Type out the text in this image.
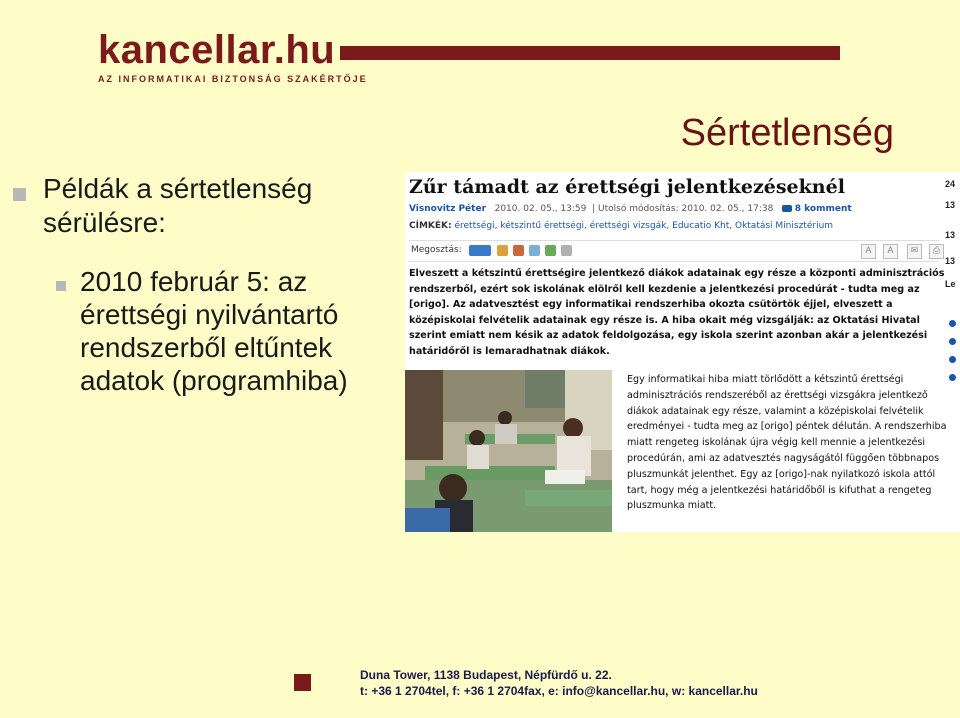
kancellar.hu
AZ INFORMATIKAI BIZTONSÁG SZAKÉRTŐJE
Sértetlenség
Példák a sértetlenség sérülésre:
2010 február 5: az érettségi nyilvántartó rendszerből eltűntek adatok (programhiba)
Zűr támadt az érettségi jelentkezéseknél
Visnovitz Péter 2010. 02. 05., 13:59  | Utolsó módosítás: 2010. 02. 05., 17:38 8 komment
CÍMKÉK: érettségi, kétszintű érettségi, érettségi vizsgák, Educatio Kht, Oktatási Minisztérium
Megosztás:	A	A	✉	⎙
Elveszett a kétszintű érettségire jelentkező diákok adatainak egy része a központi adminisztrációs rendszerből, ezért sok iskolának elölről kell kezdenie a jelentkezési procedúrát - tudta meg az [origo]. Az adatvesztést egy informatikai rendszerhiba okozta csütörtök éjjel, elveszett a középiskolai felvételik adatainak egy része is. A hiba okait még vizsgálják: az Oktatási Hivatal szerint emiatt nem késik az adatok feldolgozása, egy iskola szerint azonban akár a jelentkezési határidőről is lemaradhatnak diákok.
Egy informatikai hiba miatt törlődött a kétszintű érettségi adminisztrációs rendszeréből az érettségi vizsgákra jelentkező diákok adatainak egy része, valamint a középiskolai felvételik eredményei - tudta meg az [origo] péntek délután. A rendszerhiba miatt rengeteg iskolának újra végig kell mennie a jelentkezési procedúrán, ami az adatvesztés nagyságától függően többnapos pluszmunkát jelenthet. Egy az [origo]-nak nyilatkozó iskola attól tart, hogy még a jelentkezési határidőből is kifuthat a rengeteg pluszmunka miatt.
24
13
13
13
Le
Duna Tower, 1138 Budapest, Népfürdő u. 22.
t: +36 1 2704tel, f: +36 1 2704fax, e: info@kancellar.hu, w: kancellar.hu
